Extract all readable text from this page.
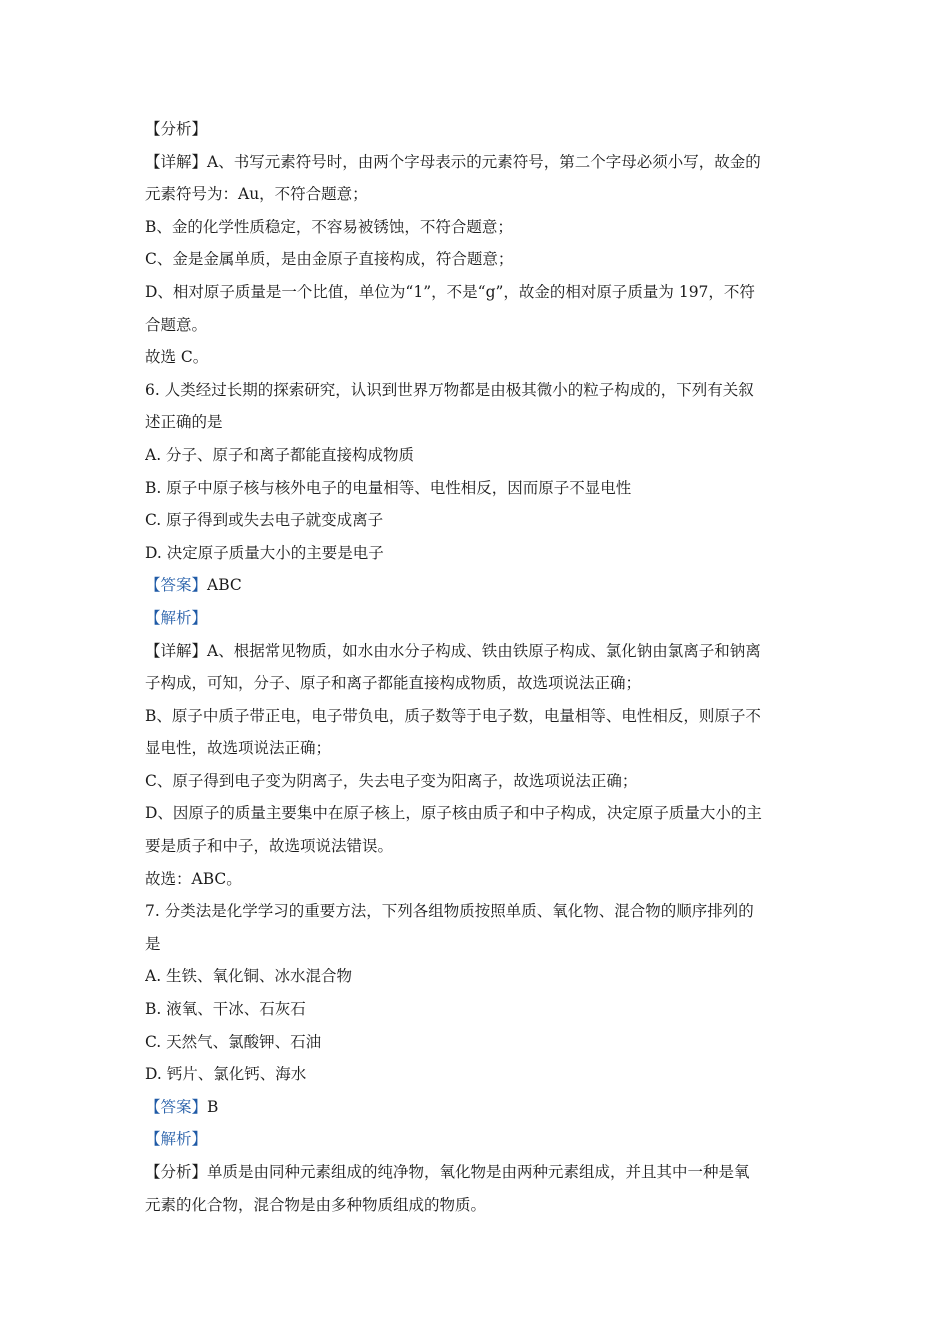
【分析】
【详解】A、书写元素符号时，由两个字母表示的元素符号，第二个字母必须小写，故金的
元素符号为：Au，不符合题意；
B、金的化学性质稳定，不容易被锈蚀，不符合题意；
C、金是金属单质，是由金原子直接构成，符合题意；
D、相对原子质量是一个比值，单位为“1”，不是“g”，故金的相对原子质量为 197，不符
合题意。
故选 C。
6. 人类经过长期的探索研究，认识到世界万物都是由极其微小的粒子构成的，下列有关叙
述正确的是
A. 分子、原子和离子都能直接构成物质
B. 原子中原子核与核外电子的电量相等、电性相反，因而原子不显电性
C. 原子得到或失去电子就变成离子
D. 决定原子质量大小的主要是电子
【答案】ABC
【解析】
【详解】A、根据常见物质，如水由水分子构成、铁由铁原子构成、氯化钠由氯离子和钠离
子构成，可知，分子、原子和离子都能直接构成物质，故选项说法正确；
B、原子中质子带正电，电子带负电，质子数等于电子数，电量相等、电性相反，则原子不
显电性，故选项说法正确；
C、原子得到电子变为阴离子，失去电子变为阳离子，故选项说法正确；
D、因原子的质量主要集中在原子核上，原子核由质子和中子构成，决定原子质量大小的主
要是质子和中子，故选项说法错误。
故选：ABC。
7. 分类法是化学学习的重要方法，下列各组物质按照单质、氧化物、混合物的顺序排列的
是
A. 生铁、氧化铜、冰水混合物
B. 液氧、干冰、石灰石
C. 天然气、氯酸钾、石油
D. 钙片、氯化钙、海水
【答案】B
【解析】
【分析】单质是由同种元素组成的纯净物，氧化物是由两种元素组成，并且其中一种是氧
元素的化合物，混合物是由多种物质组成的物质。
